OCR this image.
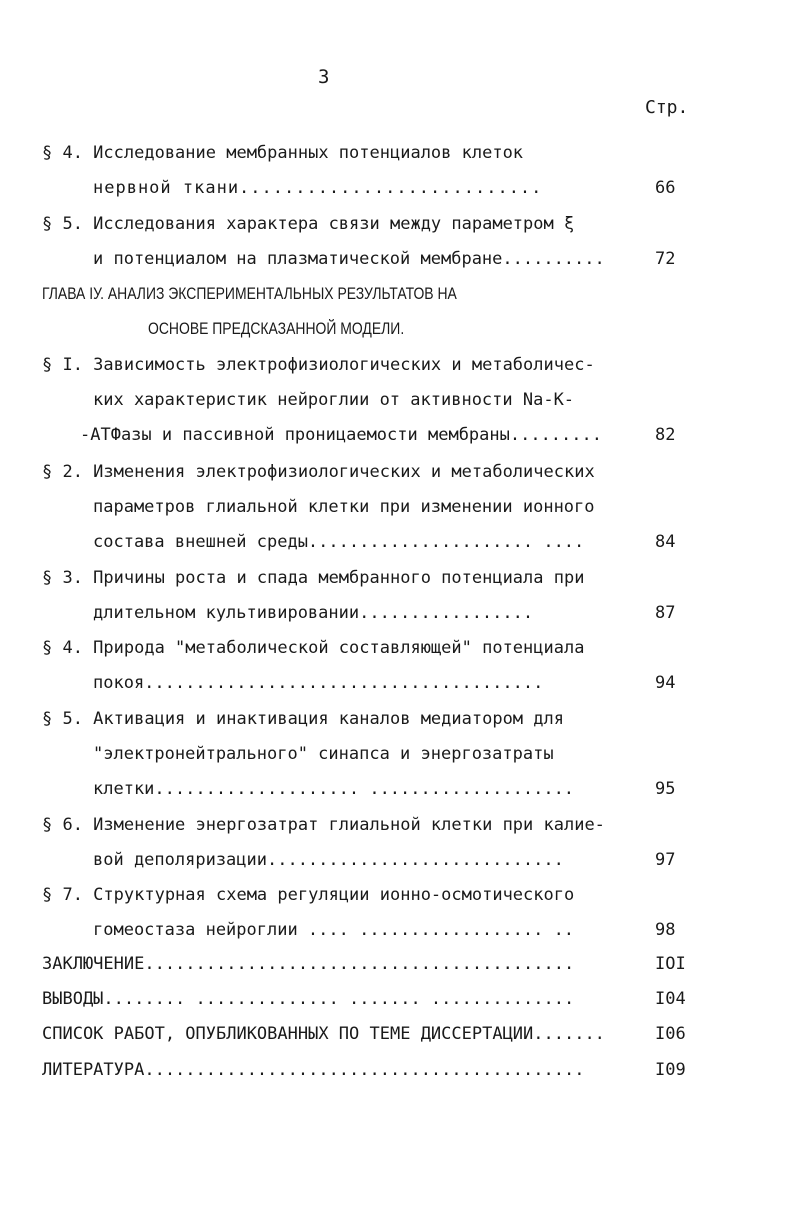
3
Стр.
§ 4. Исследование мембранных потенциалов клеток
нервной ткани...........................	66
§ 5. Исследования характера связи между параметром ξ
и потенциалом на плазматической мембране..........	72
ГЛАВА IУ. АНАЛИЗ ЭКСПЕРИМЕНТАЛЬНЫХ РЕЗУЛЬТАТОВ НА
ОСНОВЕ ПРЕДСКАЗАННОЙ МОДЕЛИ.
§ I. Зависимость электрофизиологических и метаболичес-
ких характеристик нейроглии от активности Na-K-
-АТФазы и пассивной проницаемости мембраны.........	82
§ 2. Изменения электрофизиологических и метаболических
параметров глиальной клетки при изменении ионного
состава внешней среды...................... ....	84
§ 3. Причины роста и спада мембранного потенциала при
длительном культивировании.................	87
§ 4. Природа "метаболической составляющей" потенциала
покоя.......................................	94
§ 5. Активация и инактивация каналов медиатором для
"электронейтрального" синапса и энергозатраты
клетки.................... ....................	95
§ 6. Изменение энергозатрат глиальной клетки при калие-
вой деполяризации.............................	97
§ 7. Структурная схема регуляции ионно-осмотического
гомеостаза нейроглии .... .................. ..	98
ЗАКЛЮЧЕНИЕ..........................................	IOI
ВЫВОДЫ........ .............. ....... ..............	I04
СПИСОК РАБОТ, ОПУБЛИКОВАННЫХ ПО ТЕМЕ ДИССЕРТАЦИИ.......	I06
ЛИТЕРАТУРА...........................................	I09
